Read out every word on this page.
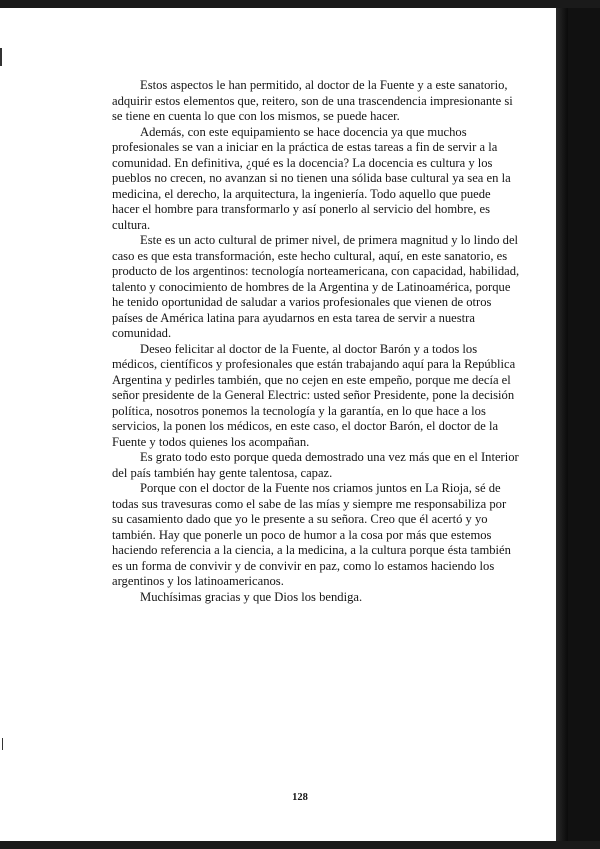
Estos aspectos le han permitido, al doctor de la Fuente y a este sanatorio, adquirir estos elementos que, reitero, son de una trascendencia impresionante si se tiene en cuenta lo que con los mismos, se puede hacer.

Además, con este equipamiento se hace docencia ya que muchos profesionales se van a iniciar en la práctica de estas tareas a fin de servir a la comunidad. En definitiva, ¿qué es la docencia? La docencia es cultura y los pueblos no crecen, no avanzan si no tienen una sólida base cultural ya sea en la medicina, el derecho, la arquitectura, la ingeniería. Todo aquello que puede hacer el hombre para transformarlo y así ponerlo al servicio del hombre, es cultura.

Este es un acto cultural de primer nivel, de primera magnitud y lo lindo del caso es que esta transformación, este hecho cultural, aquí, en este sanatorio, es producto de los argentinos: tecnología norteamericana, con capacidad, habilidad, talento y conocimiento de hombres de la Argentina y de Latinoamérica, porque he tenido oportunidad de saludar a varios profesionales que vienen de otros países de América latina para ayudarnos en esta tarea de servir a nuestra comunidad.

Deseo felicitar al doctor de la Fuente, al doctor Barón y a todos los médicos, científicos y profesionales que están trabajando aquí para la República Argentina y pedirles también, que no cejen en este empeño, porque me decía el señor presidente de la General Electric: usted señor Presidente, pone la decisión política, nosotros ponemos la tecnología y la garantía, en lo que hace a los servicios, la ponen los médicos, en este caso, el doctor Barón, el doctor de la Fuente y todos quienes los acompañan.

Es grato todo esto porque queda demostrado una vez más que en el Interior del país también hay gente talentosa, capaz.

Porque con el doctor de la Fuente nos criamos juntos en La Rioja, sé de todas sus travesuras como el sabe de las mías y siempre me responsabiliza por su casamiento dado que yo le presente a su señora. Creo que él acertó y yo también. Hay que ponerle un poco de humor a la cosa por más que estemos haciendo referencia a la ciencia, a la medicina, a la cultura porque ésta también es un forma de convivir y de convivir en paz, como lo estamos haciendo los argentinos y los latinoamericanos.

Muchísimas gracias y que Dios los bendiga.

128
